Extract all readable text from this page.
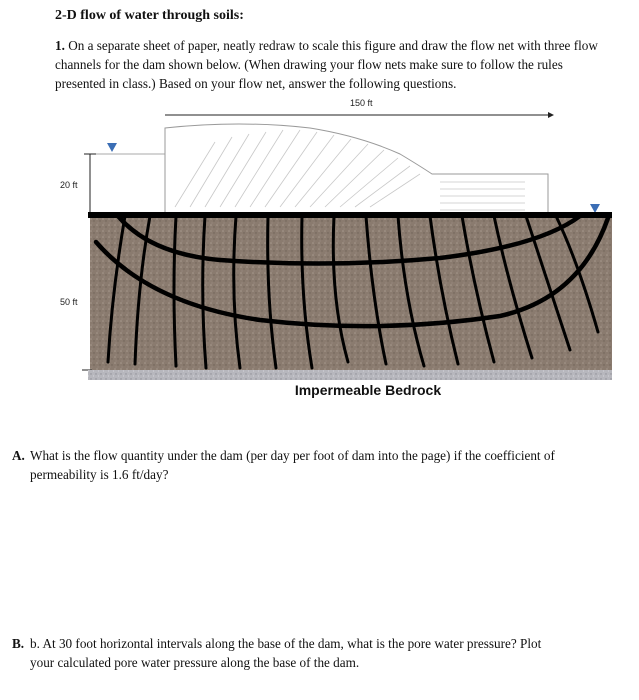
2-D flow of water through soils:
1. On a separate sheet of paper, neatly redraw to scale this figure and draw the flow net with three flow channels for the dam shown below. (When drawing your flow nets make sure to follow the rules presented in class.) Based on your flow net, answer the following questions.
150 ft
20 ft
50 ft
Impermeable Bedrock
A. What is the flow quantity under the dam (per day per foot of dam into the page) if the coefficient of
permeability is 1.6 ft/day?
B. b. At 30 foot horizontal intervals along the base of the dam, what is the pore water pressure? Plot
your calculated pore water pressure along the base of the dam.
